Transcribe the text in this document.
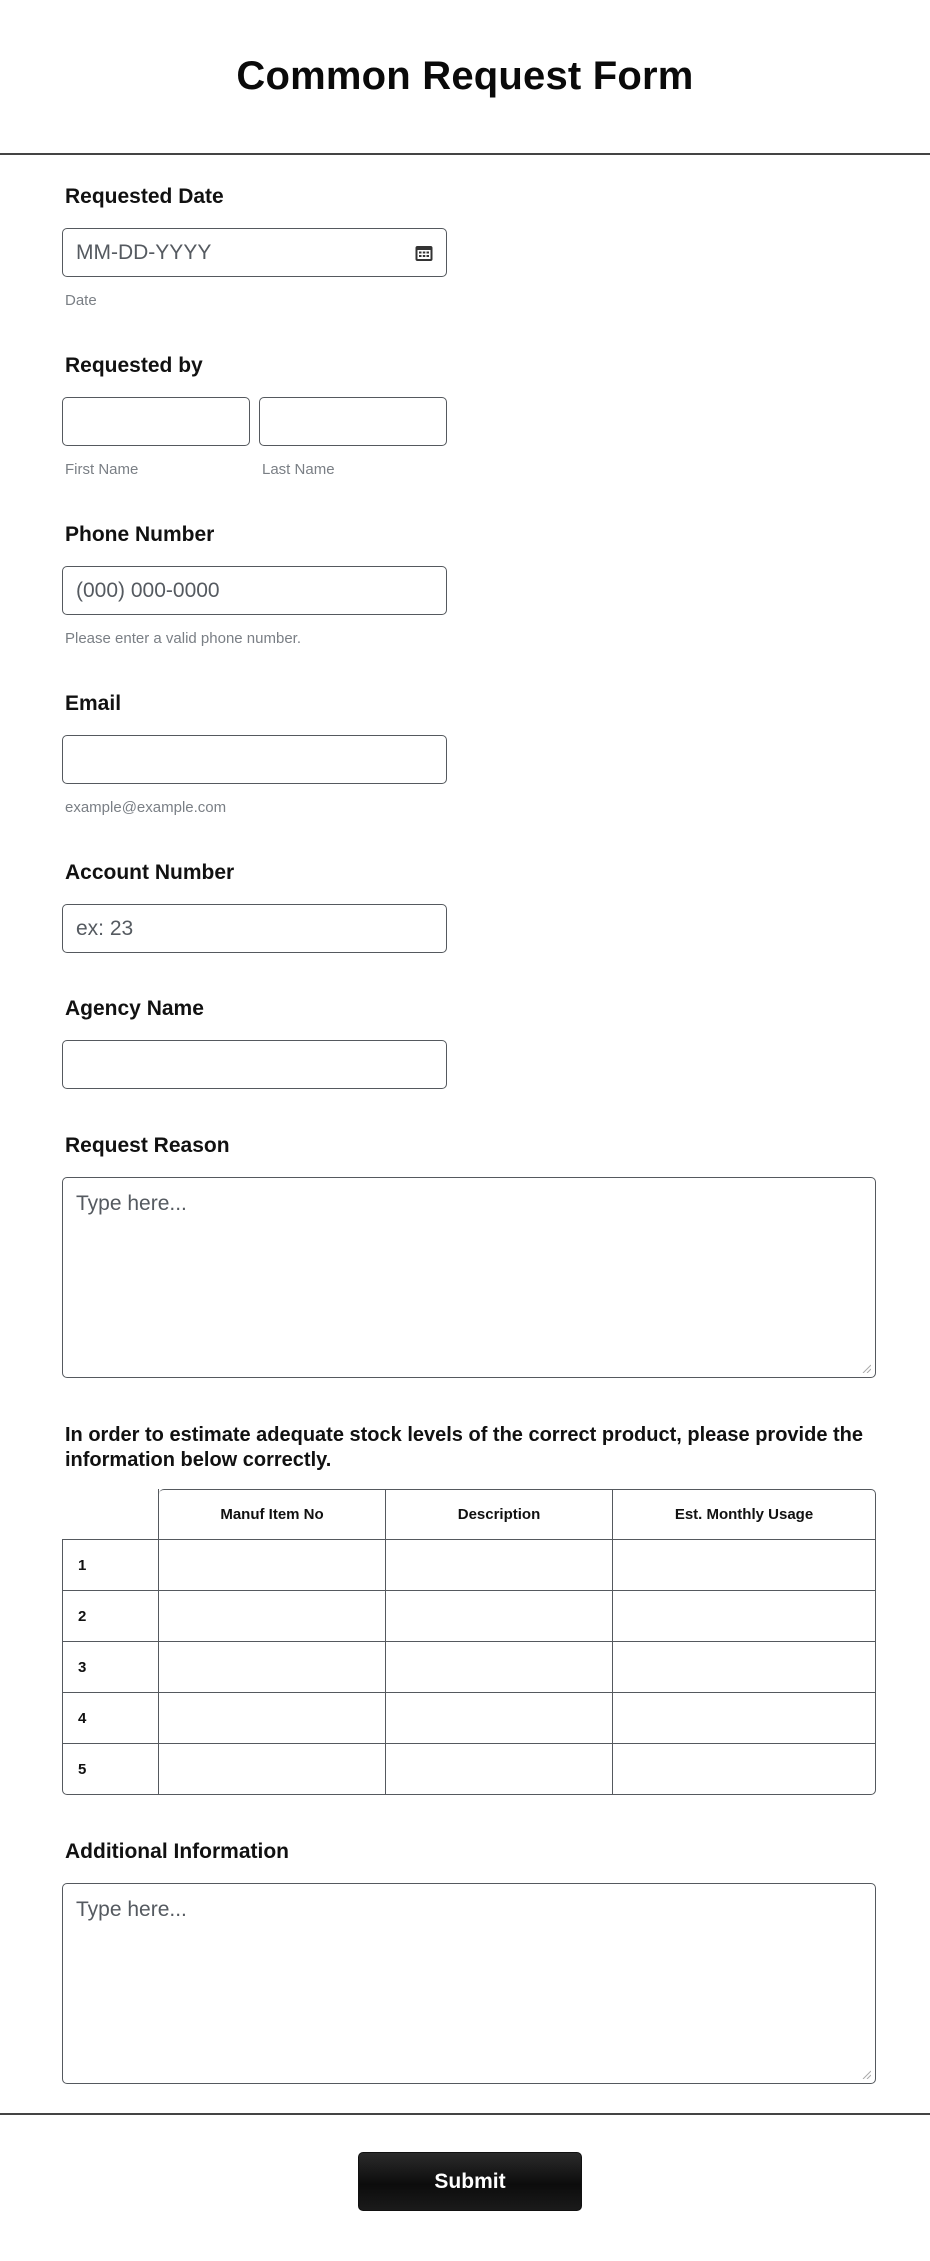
Common Request Form
Requested Date
MM-DD-YYYY
Date
Requested by
First Name	Last Name
Phone Number
(000) 000-0000
Please enter a valid phone number.
Email
example@example.com
Account Number
ex: 23
Agency Name
Request Reason
Type here...
In order to estimate adequate stock levels of the correct product, please provide the information below correctly.
	Manuf Item No	Description	Est. Monthly Usage
1			
2			
3			
4			
5			
Additional Information
Type here...
Submit
